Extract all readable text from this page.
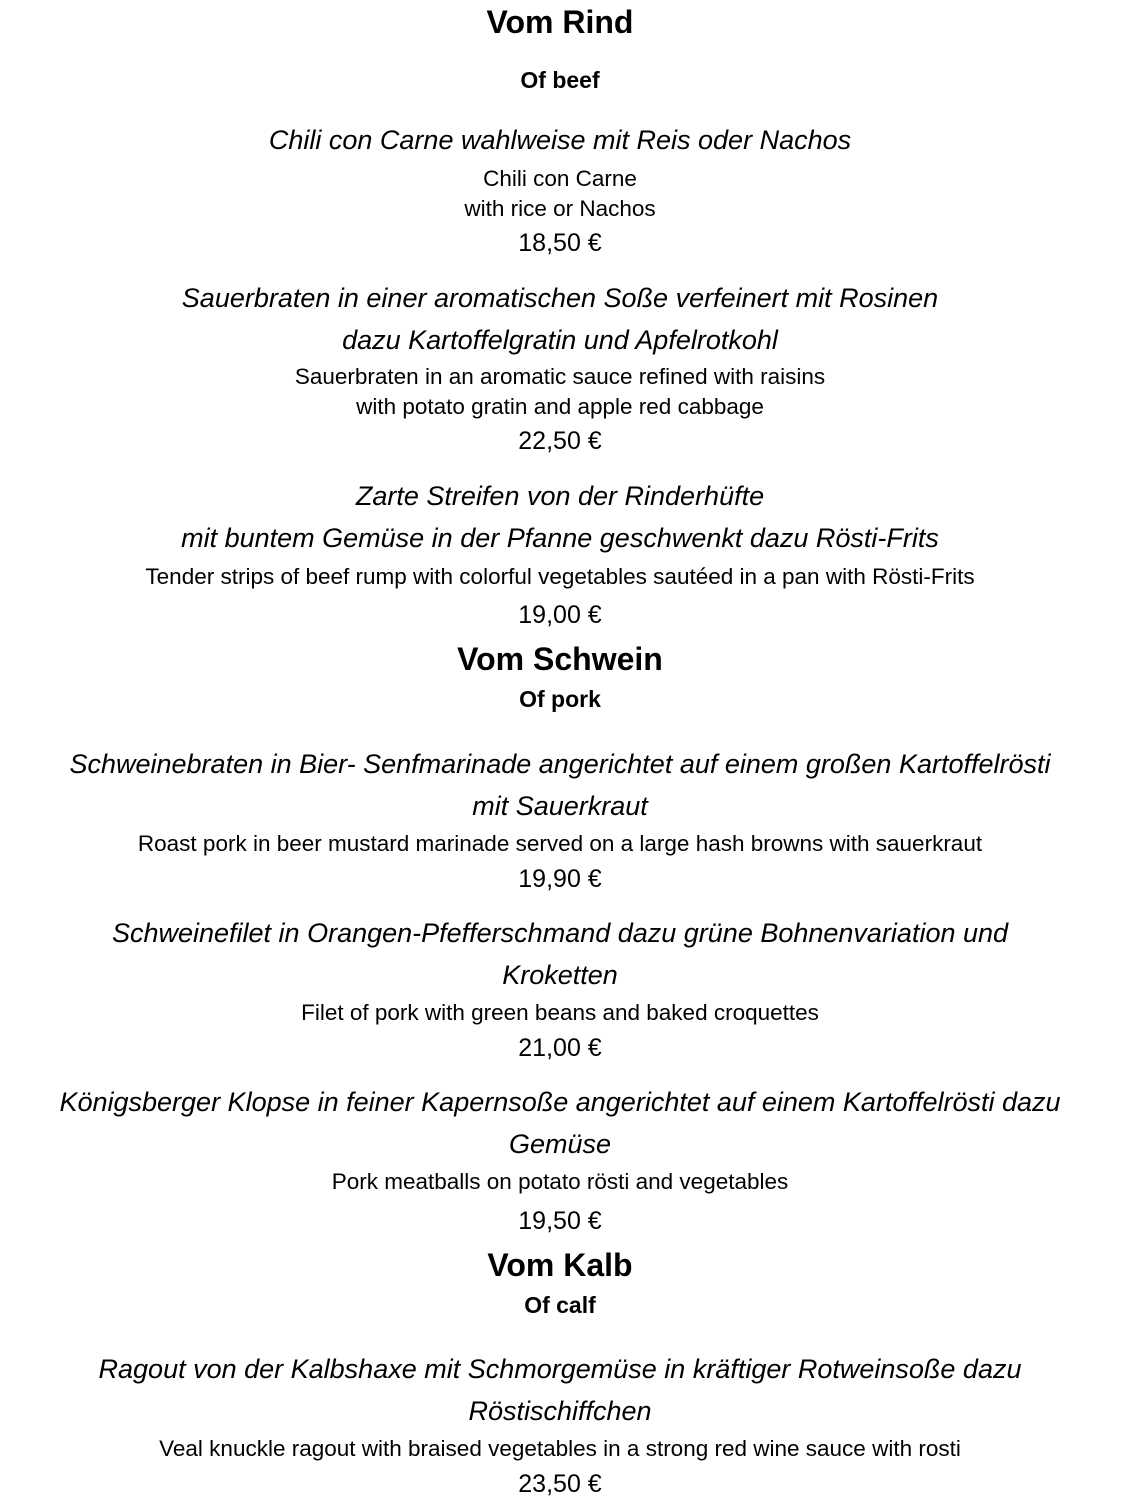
Vom Rind
Of beef
Chili con Carne wahlweise mit Reis oder Nachos
Chili con Carne
with rice or Nachos
18,50 €
Sauerbraten in einer aromatischen Soße verfeinert mit Rosinen
dazu Kartoffelgratin und Apfelrotkohl
Sauerbraten in an aromatic sauce refined with raisins
with potato gratin and apple red cabbage
22,50 €
Zarte Streifen von der Rinderhüfte
mit buntem Gemüse in der Pfanne geschwenkt dazu Rösti-Frits
Tender strips of beef rump with colorful vegetables sautéed in a pan with Rösti-Frits
19,00 €
Vom Schwein
Of pork
Schweinebraten in Bier- Senfmarinade angerichtet auf einem großen Kartoffelrösti
mit Sauerkraut
Roast pork in beer mustard marinade served on a large hash browns with sauerkraut
19,90 €
Schweinefilet in Orangen-Pfefferschmand dazu grüne Bohnenvariation und
Kroketten
Filet of pork with green beans and baked croquettes
21,00 €
Königsberger Klopse in feiner Kapernsoße angerichtet auf einem Kartoffelrösti dazu
Gemüse
Pork meatballs on potato rösti and vegetables
19,50 €
Vom Kalb
Of calf
Ragout von der Kalbshaxe mit Schmorgemüse in kräftiger Rotweinsoße dazu
Röstischiffchen
Veal knuckle ragout with braised vegetables in a strong red wine sauce with rosti
23,50 €
